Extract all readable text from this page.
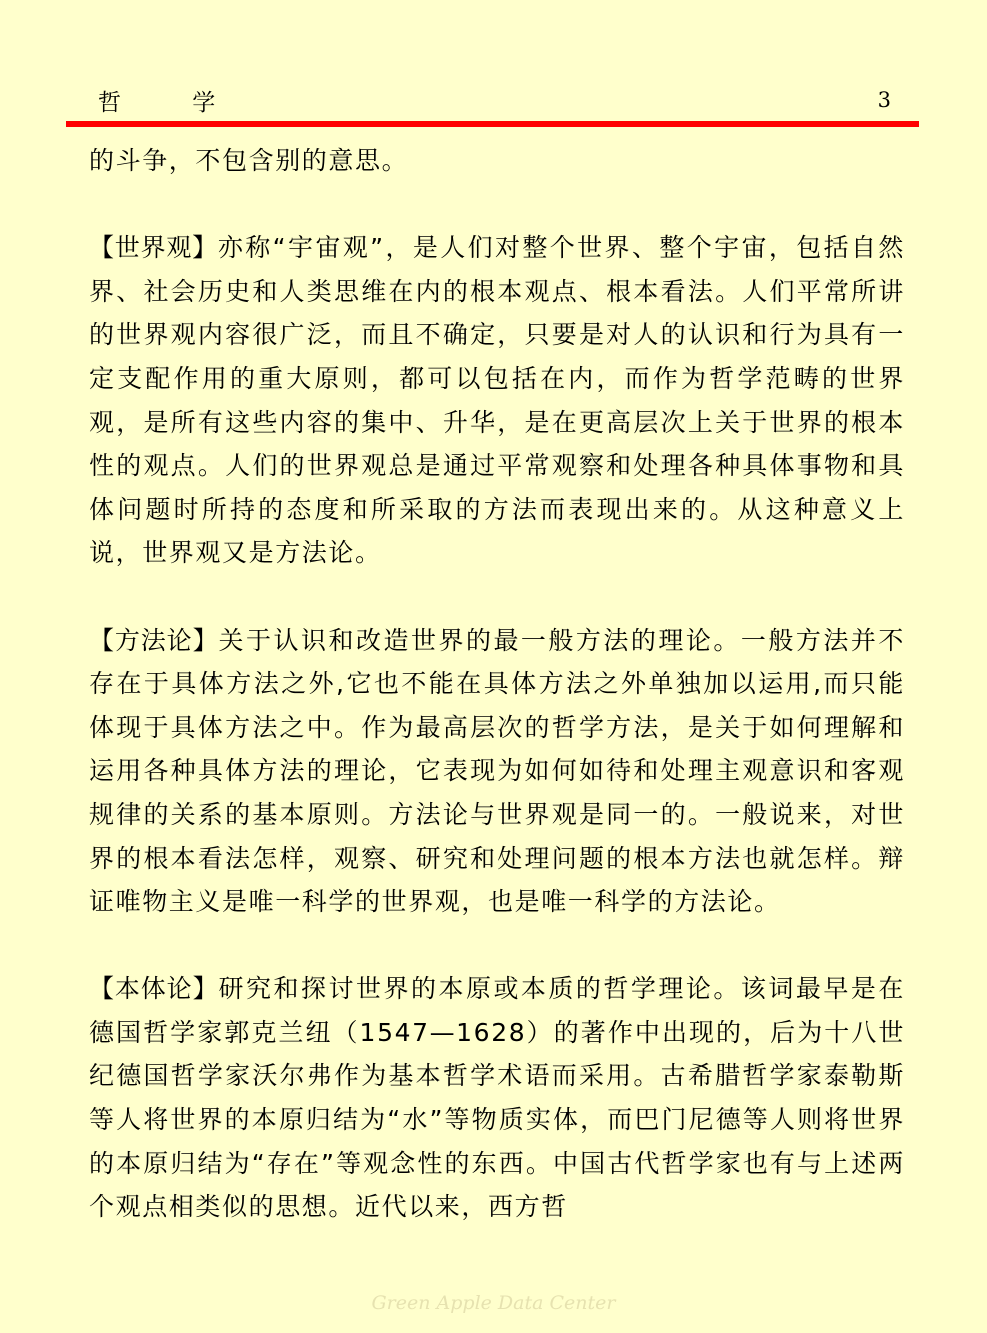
哲 学	3

的斗争，不包含别的意思。

【世界观】亦称“宇宙观”，是人们对整个世界、整个宇宙，包括自然界、社会历史和人类思维在内的根本观点、根本看法。人们平常所讲的世界观内容很广泛，而且不确定，只要是对人的认识和行为具有一定支配作用的重大原则，都可以包括在内，而作为哲学范畴的世界观，是所有这些内容的集中、升华，是在更高层次上关于世界的根本性的观点。人们的世界观总是通过平常观察和处理各种具体事物和具体问题时所持的态度和所采取的方法而表现出来的。从这种意义上说，世界观又是方法论。

【方法论】关于认识和改造世界的最一般方法的理论。一般方法并不存在于具体方法之外,它也不能在具体方法之外单独加以运用,而只能体现于具体方法之中。作为最高层次的哲学方法，是关于如何理解和运用各种具体方法的理论，它表现为如何如待和处理主观意识和客观规律的关系的基本原则。方法论与世界观是同一的。一般说来，对世界的根本看法怎样，观察、研究和处理问题的根本方法也就怎样。辩证唯物主义是唯一科学的世界观，也是唯一科学的方法论。

【本体论】研究和探讨世界的本原或本质的哲学理论。该词最早是在德国哲学家郭克兰纽（1547—1628）的著作中出现的，后为十八世纪德国哲学家沃尔弗作为基本哲学术语而采用。古希腊哲学家泰勒斯等人将世界的本原归结为“水”等物质实体，而巴门尼德等人则将世界的本原归结为“存在”等观念性的东西。中国古代哲学家也有与上述两个观点相类似的思想。近代以来，西方哲

Green Apple Data Center
